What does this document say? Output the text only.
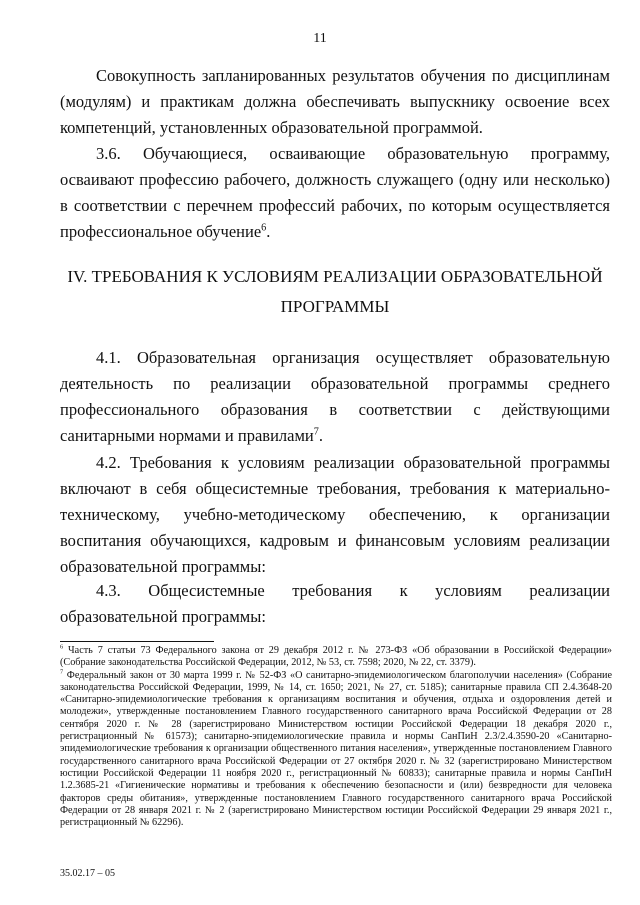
11

Совокупность запланированных результатов обучения по дисциплинам (модулям) и практикам должна обеспечивать выпускнику освоение всех компетенций, установленных образовательной программой.

3.6. Обучающиеся, осваивающие образовательную программу, осваивают профессию рабочего, должность служащего (одну или несколько) в соответствии с перечнем профессий рабочих, по которым осуществляется профессиональное обучение$^6$.

IV. ТРЕБОВАНИЯ К УСЛОВИЯМ РЕАЛИЗАЦИИ ОБРАЗОВАТЕЛЬНОЙ
ПРОГРАММЫ

4.1. Образовательная организация осуществляет образовательную деятельность по реализации образовательной программы среднего профессионального образования в соответствии с действующими санитарными нормами и правилами$^7$.

4.2. Требования к условиям реализации образовательной программы включают в себя общесистемные требования, требования к материально-техническому, учебно-методическому обеспечению, к организации воспитания обучающихся, кадровым и финансовым условиям реализации образовательной программы:

4.3. Общесистемные требования к условиям реализации образовательной программы:

$^6$ Часть 7 статьи 73 Федерального закона от 29 декабря 2012 г. № 273-ФЗ «Об образовании в Российской Федерации» (Собрание законодательства Российской Федерации, 2012, № 53, ст. 7598; 2020, № 22, ст. 3379).

$^7$ Федеральный закон от 30 марта 1999 г. № 52-ФЗ «О санитарно-эпидемиологическом благополучии населения» (Собрание законодательства Российской Федерации, 1999, № 14, ст. 1650; 2021, № 27, ст. 5185); санитарные правила СП 2.4.3648-20 «Санитарно-эпидемиологические требования к организациям воспитания и обучения, отдыха и оздоровления детей и молодежи», утвержденные постановлением Главного государственного санитарного врача Российской Федерации от 28 сентября 2020 г. № 28 (зарегистрировано Министерством юстиции Российской Федерации 18 декабря 2020 г., регистрационный № 61573); санитарно-эпидемиологические правила и нормы СанПиН 2.3/2.4.3590-20 «Санитарно-эпидемиологические требования к организации общественного питания населения», утвержденные постановлением Главного государственного санитарного врача Российской Федерации от 27 октября 2020 г. № 32 (зарегистрировано Министерством юстиции Российской Федерации 11 ноября 2020 г., регистрационный № 60833); санитарные правила и нормы СанПиН 1.2.3685-21 «Гигиенические нормативы и требования к обеспечению безопасности и (или) безвредности для человека факторов среды обитания», утвержденные постановлением Главного государственного санитарного врача Российской Федерации от 28 января 2021 г. № 2 (зарегистрировано Министерством юстиции Российской Федерации 29 января 2021 г., регистрационный № 62296).

35.02.17 – 05
